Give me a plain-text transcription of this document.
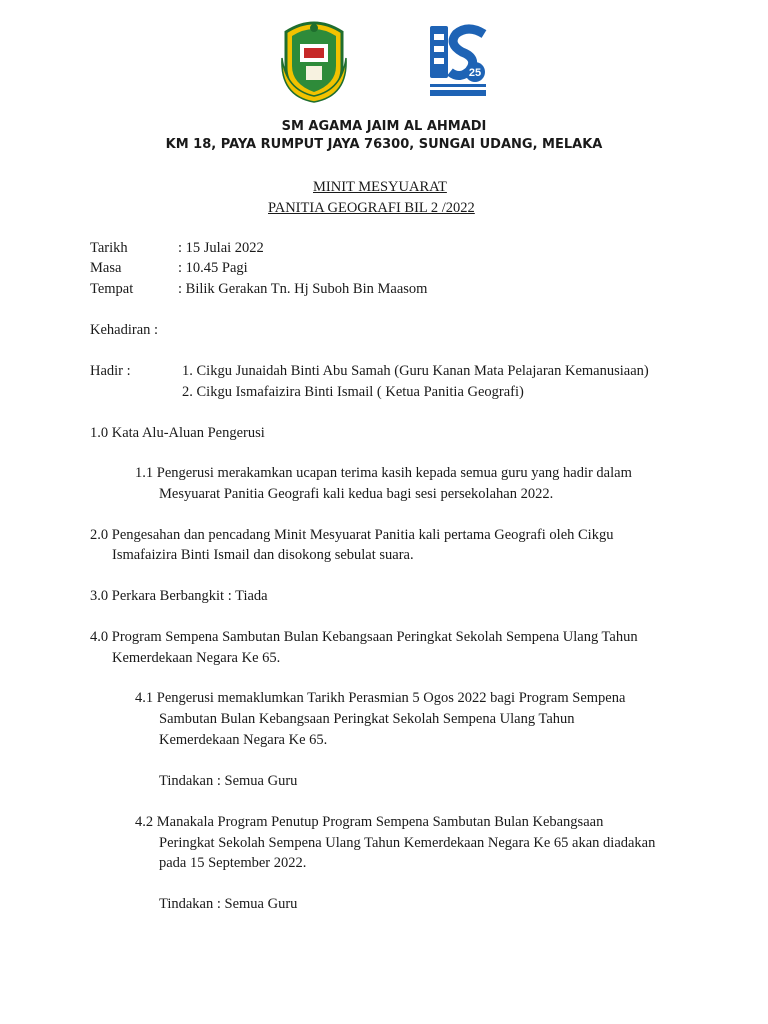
25
SM AGAMA JAIM AL AHMADI
KM 18, PAYA RUMPUT JAYA 76300, SUNGAI UDANG, MELAKA
MINIT MESYUARAT
PANITIA GEOGRAFI BIL 2 /2022
Tarikh	: 15 Julai 2022
Masa	: 10.45 Pagi
Tempat	: Bilik Gerakan Tn. Hj Suboh Bin Maasom
Kehadiran :
Hadir :	1. Cikgu Junaidah Binti Abu Samah (Guru Kanan Mata Pelajaran Kemanusiaan)
2. Cikgu Ismafaizira Binti Ismail ( Ketua Panitia Geografi)
1.0 Kata Alu-Aluan Pengerusi
1.1 Pengerusi merakamkan ucapan terima kasih kepada semua guru yang hadir dalam
Mesyuarat Panitia Geografi kali kedua bagi sesi persekolahan 2022.
2.0 Pengesahan dan pencadang Minit Mesyuarat Panitia kali pertama Geografi oleh Cikgu
Ismafaizira Binti Ismail dan disokong sebulat suara.
3.0 Perkara Berbangkit : Tiada
4.0 Program Sempena Sambutan Bulan Kebangsaan Peringkat Sekolah Sempena Ulang Tahun
Kemerdekaan Negara Ke 65.
4.1 Pengerusi memaklumkan Tarikh Perasmian 5 Ogos 2022 bagi Program Sempena
Sambutan Bulan Kebangsaan Peringkat Sekolah Sempena Ulang Tahun
Kemerdekaan Negara Ke 65.
Tindakan : Semua Guru
4.2 Manakala Program Penutup Program Sempena Sambutan Bulan Kebangsaan
Peringkat Sekolah Sempena Ulang Tahun Kemerdekaan Negara Ke 65 akan diadakan
pada 15 September 2022.
Tindakan : Semua Guru
